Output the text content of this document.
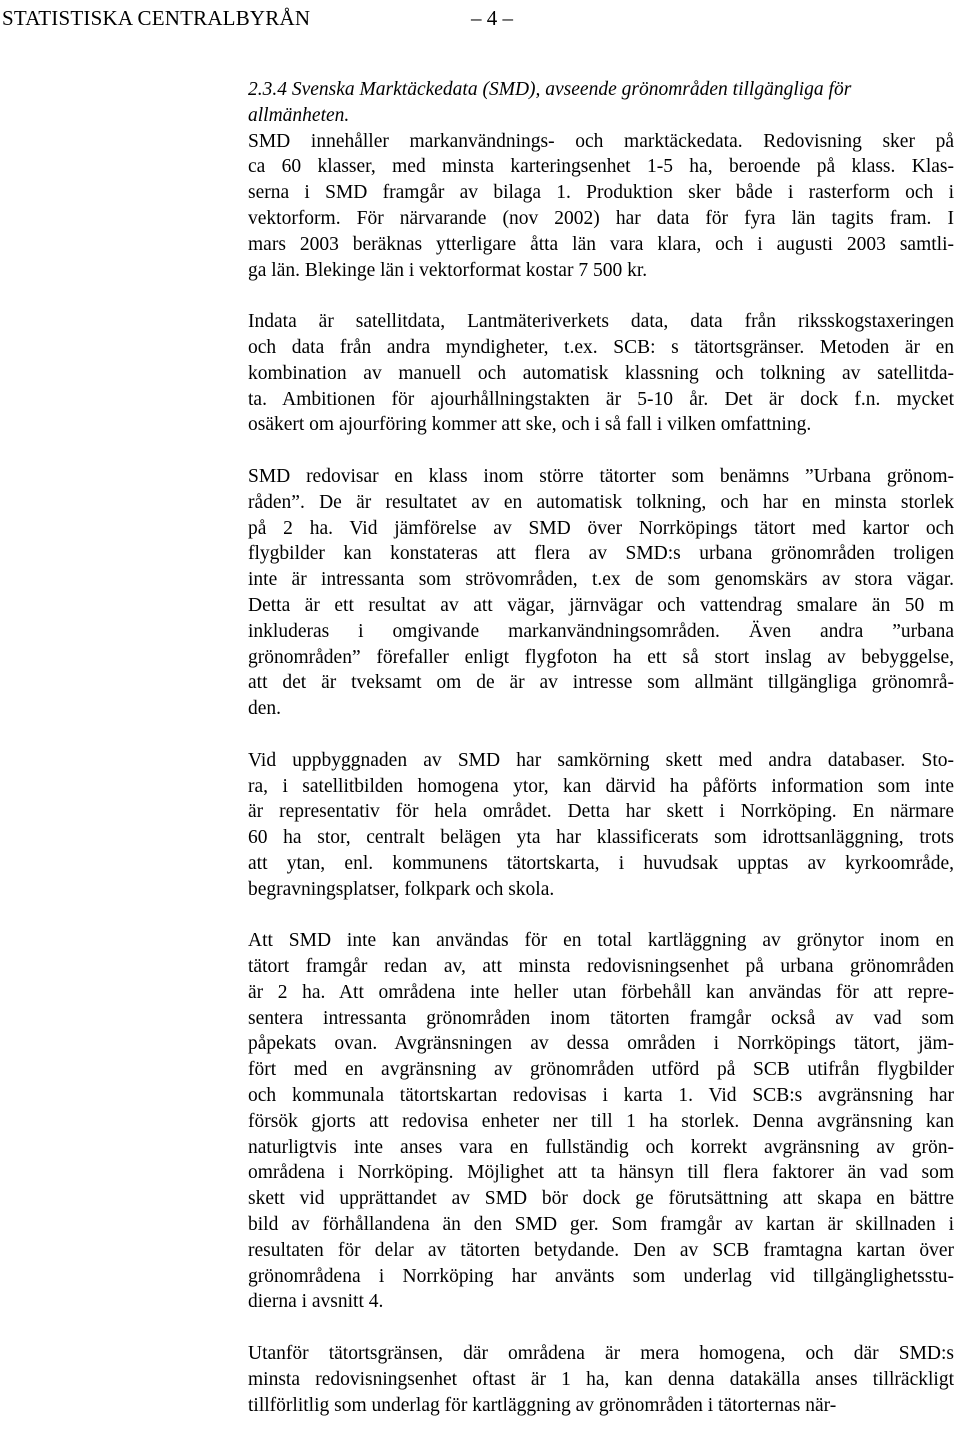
STATISTISKA CENTRALBYRÅN	– 4 –
2.3.4 Svenska Marktäckedata (SMD), avseende grönområden tillgängliga för
allmänheten.
SMD innehåller markanvändnings- och marktäckedata. Redovisning sker på
ca 60 klasser, med minsta karteringsenhet 1-5 ha, beroende på klass. Klas-
serna i SMD framgår av bilaga 1. Produktion sker både i rasterform och i
vektorform. För närvarande (nov 2002) har data för fyra län tagits fram. I
mars 2003 beräknas ytterligare åtta län vara klara, och i augusti 2003 samtli-
ga län. Blekinge län i vektorformat kostar 7 500 kr.
Indata är satellitdata, Lantmäteriverkets data, data från riksskogstaxeringen
och data från andra myndigheter, t.ex. SCB: s tätortsgränser. Metoden är en
kombination av manuell och automatisk klassning och tolkning av satellitda-
ta. Ambitionen för ajourhållningstakten är 5-10 år. Det är dock f.n. mycket
osäkert om ajourföring kommer att ske, och i så fall i vilken omfattning.
SMD redovisar en klass inom större tätorter som benämns ”Urbana grönom-
råden”. De är resultatet av en automatisk tolkning, och har en minsta storlek
på 2 ha. Vid jämförelse av SMD över Norrköpings tätort med kartor och
flygbilder kan konstateras att flera av SMD:s urbana grönområden troligen
inte är intressanta som strövområden, t.ex de som genomskärs av stora vägar.
Detta är ett resultat av att vägar, järnvägar och vattendrag smalare än 50 m
inkluderas i omgivande markanvändningsområden. Även andra ”urbana
grönområden” förefaller enligt flygfoton ha ett så stort inslag av bebyggelse,
att det är tveksamt om de är av intresse som allmänt tillgängliga grönområ-
den.
Vid uppbyggnaden av SMD har samkörning skett med andra databaser. Sto-
ra, i satellitbilden homogena ytor, kan därvid ha påförts information som inte
är representativ för hela området. Detta har skett i Norrköping. En närmare
60 ha stor, centralt belägen yta har klassificerats som idrottsanläggning, trots
att ytan, enl. kommunens tätortskarta, i huvudsak upptas av kyrkoområde,
begravningsplatser, folkpark och skola.
Att SMD inte kan användas för en total kartläggning av grönytor inom en
tätort framgår redan av, att minsta redovisningsenhet på urbana grönområden
är 2 ha. Att områdena inte heller utan förbehåll kan användas för att repre-
sentera intressanta grönområden inom tätorten framgår också av vad som
påpekats ovan. Avgränsningen av dessa områden i Norrköpings tätort, jäm-
fört med en avgränsning av grönområden utförd på SCB utifrån flygbilder
och kommunala tätortskartan redovisas i karta 1. Vid SCB:s avgränsning har
försök gjorts att redovisa enheter ner till 1 ha storlek. Denna avgränsning kan
naturligtvis inte anses vara en fullständig och korrekt avgränsning av grön-
områdena i Norrköping. Möjlighet att ta hänsyn till flera faktorer än vad som
skett vid upprättandet av SMD bör dock ge förutsättning att skapa en bättre
bild av förhållandena än den SMD ger. Som framgår av kartan är skillnaden i
resultaten för delar av tätorten betydande. Den av SCB framtagna kartan över
grönområdena i Norrköping har använts som underlag vid tillgänglighetsstu-
dierna i avsnitt 4.
Utanför tätortsgränsen, där områdena är mera homogena, och där SMD:s
minsta redovisningsenhet oftast är 1 ha, kan denna datakälla anses tillräckligt
tillförlitlig som underlag för kartläggning av grönområden i tätorternas när-
